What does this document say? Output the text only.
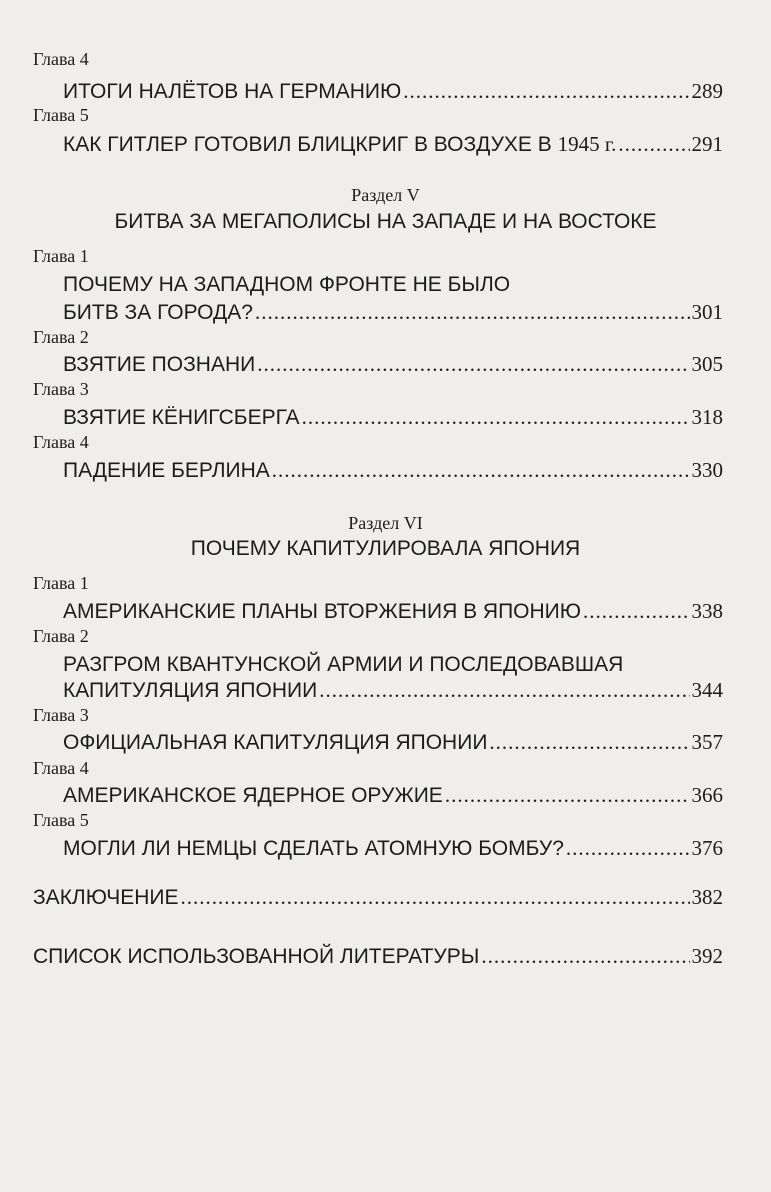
Глава 4
ИТОГИ НАЛЁТОВ НА ГЕРМАНИЮ .....	289
Глава 5
КАК ГИТЛЕР ГОТОВИЛ БЛИЦКРИГ В ВОЗДУХЕ В 1945 г. .....	291
Раздел V
БИТВА ЗА МЕГАПОЛИСЫ НА ЗАПАДЕ И НА ВОСТОКЕ
Глава 1
ПОЧЕМУ НА ЗАПАДНОМ ФРОНТЕ НЕ БЫЛО
БИТВ ЗА ГОРОДА? .....	301
Глава 2
ВЗЯТИЕ ПОЗНАНИ .....	305
Глава 3
ВЗЯТИЕ КЁНИГСБЕРГА .....	318
Глава 4
ПАДЕНИЕ БЕРЛИНА .....	330
Раздел VI
ПОЧЕМУ КАПИТУЛИРОВАЛА ЯПОНИЯ
Глава 1
АМЕРИКАНСКИЕ ПЛАНЫ ВТОРЖЕНИЯ В ЯПОНИЮ .....	338
Глава 2
РАЗГРОМ КВАНТУНСКОЙ АРМИИ И ПОСЛЕДОВАВШАЯ
КАПИТУЛЯЦИЯ ЯПОНИИ .....	344
Глава 3
ОФИЦИАЛЬНАЯ КАПИТУЛЯЦИЯ ЯПОНИИ .....	357
Глава 4
АМЕРИКАНСКОЕ ЯДЕРНОЕ ОРУЖИЕ .....	366
Глава 5
МОГЛИ ЛИ НЕМЦЫ СДЕЛАТЬ АТОМНУЮ БОМБУ? .....	376
ЗАКЛЮЧЕНИЕ .....	382
СПИСОК ИСПОЛЬЗОВАННОЙ ЛИТЕРАТУРЫ .....	392
